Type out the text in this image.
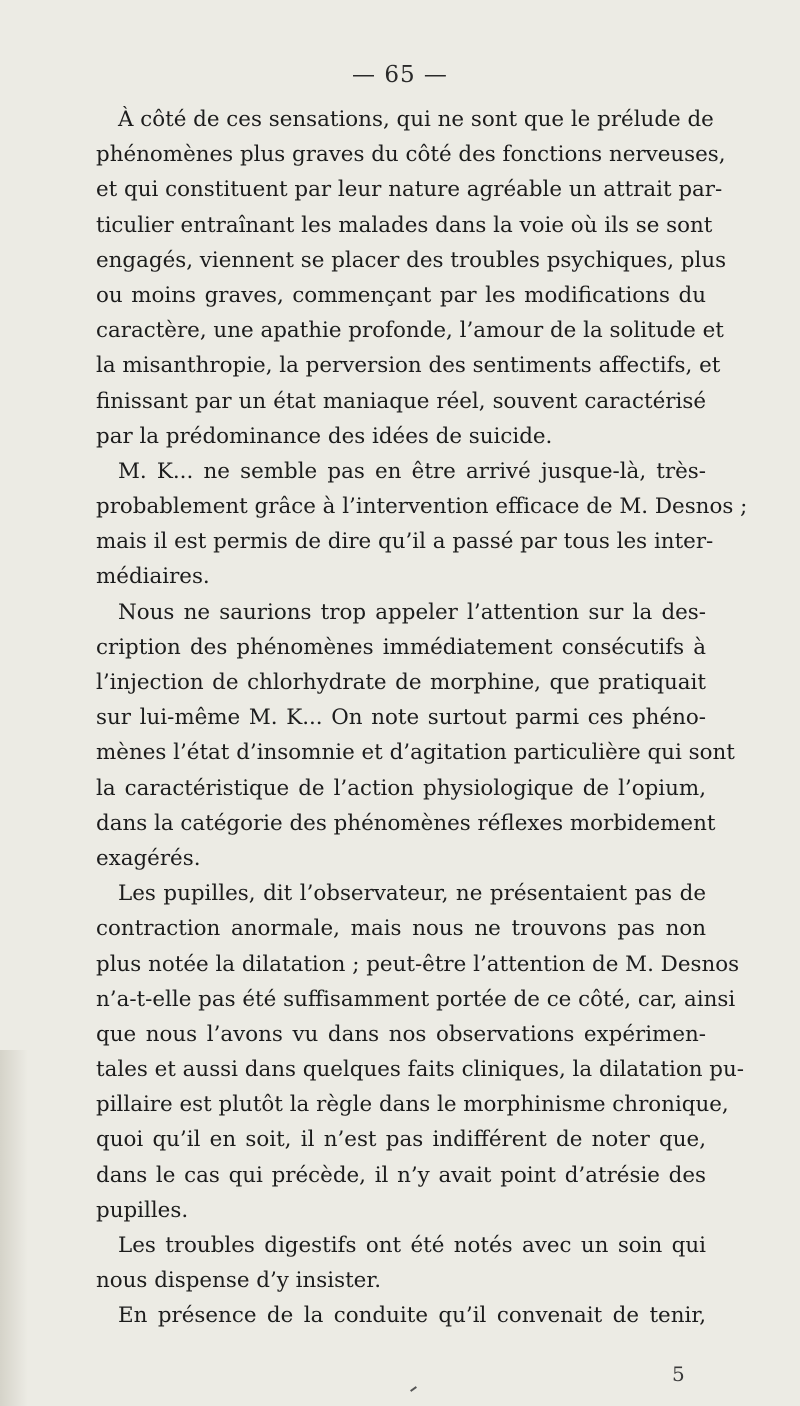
— 65 —
À côté de ces sensations, qui ne sont que le prélude de
phénomènes plus graves du côté des fonctions nerveuses,
et qui constituent par leur nature agréable un attrait par-
ticulier entraînant les malades dans la voie où ils se sont
engagés, viennent se placer des troubles psychiques, plus
ou moins graves, commençant par les modifications du
caractère, une apathie profonde, l’amour de la solitude et
la misanthropie, la perversion des sentiments affectifs, et
finissant par un état maniaque réel, souvent caractérisé
par la prédominance des idées de suicide.
M. K... ne semble pas en être arrivé jusque-là, très-
probablement grâce à l’intervention efficace de M. Desnos ;
mais il est permis de dire qu’il a passé par tous les inter-
médiaires.
Nous ne saurions trop appeler l’attention sur la des-
cription des phénomènes immédiatement consécutifs à
l’injection de chlorhydrate de morphine, que pratiquait
sur lui-même M. K... On note surtout parmi ces phéno-
mènes l’état d’insomnie et d’agitation particulière qui sont
la caractéristique de l’action physiologique de l’opium,
dans la catégorie des phénomènes réflexes morbidement
exagérés.
Les pupilles, dit l’observateur, ne présentaient pas de
contraction anormale, mais nous ne trouvons pas non
plus notée la dilatation ; peut-être l’attention de M. Desnos
n’a-t-elle pas été suffisamment portée de ce côté, car, ainsi
que nous l’avons vu dans nos observations expérimen-
tales et aussi dans quelques faits cliniques, la dilatation pu-
pillaire est plutôt la règle dans le morphinisme chronique,
quoi qu’il en soit, il n’est pas indifférent de noter que,
dans le cas qui précède, il n’y avait point d’atrésie des
pupilles.
Les troubles digestifs ont été notés avec un soin qui
nous dispense d’y insister.
En présence de la conduite qu’il convenait de tenir,
5
